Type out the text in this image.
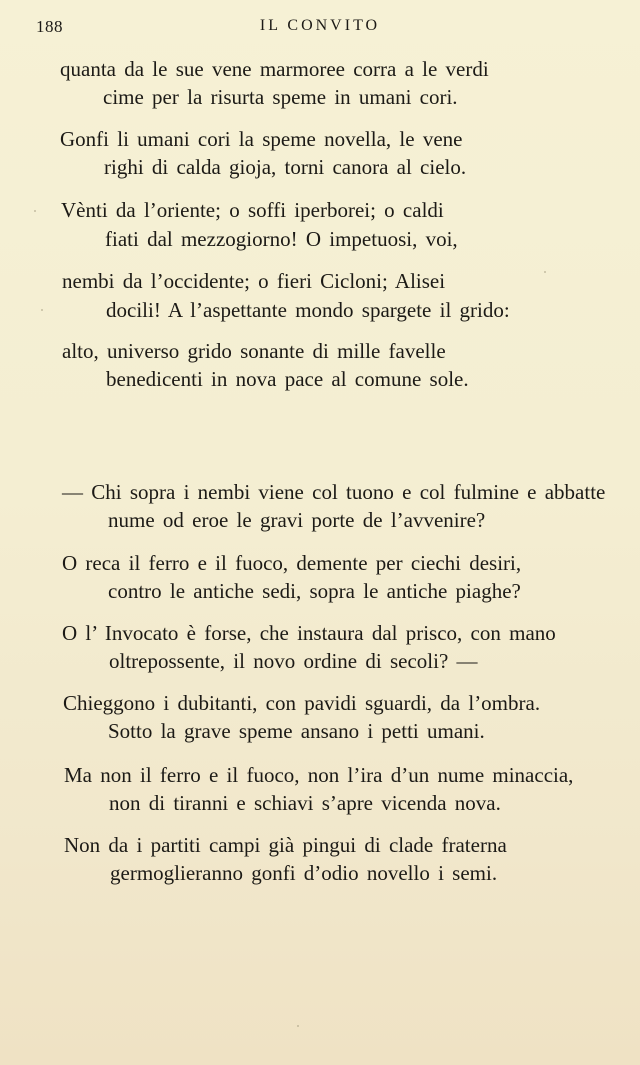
188	IL CONVITO
quanta da le sue vene marmoree corra a le verdi
cime per la risurta speme in umani cori.
Gonfi li umani cori la speme novella, le vene
righi di calda gioja, torni canora al cielo.
Vènti da l’oriente; o soffi iperborei; o caldi
fiati dal mezzogiorno! O impetuosi, voi,
nembi da l’occidente; o fieri Cicloni; Alisei
docili! A l’aspettante mondo spargete il grido:
alto, universo grido sonante di mille favelle
benedicenti in nova pace al comune sole.
— Chi sopra i nembi viene col tuono e col fulmine e abbatte
nume od eroe le gravi porte de l’avvenire?
O reca il ferro e il fuoco, demente per ciechi desiri,
contro le antiche sedi, sopra le antiche piaghe?
O l’ Invocato è forse, che instaura dal prisco, con mano
oltrepossente, il novo ordine di secoli? —
Chieggono i dubitanti, con pavidi sguardi, da l’ombra.
Sotto la grave speme ansano i petti umani.
Ma non il ferro e il fuoco, non l’ira d’un nume minaccia,
non di tiranni e schiavi s’apre vicenda nova.
Non da i partiti campi già pingui di clade fraterna
germoglieranno gonfi d’odio novello i semi.
